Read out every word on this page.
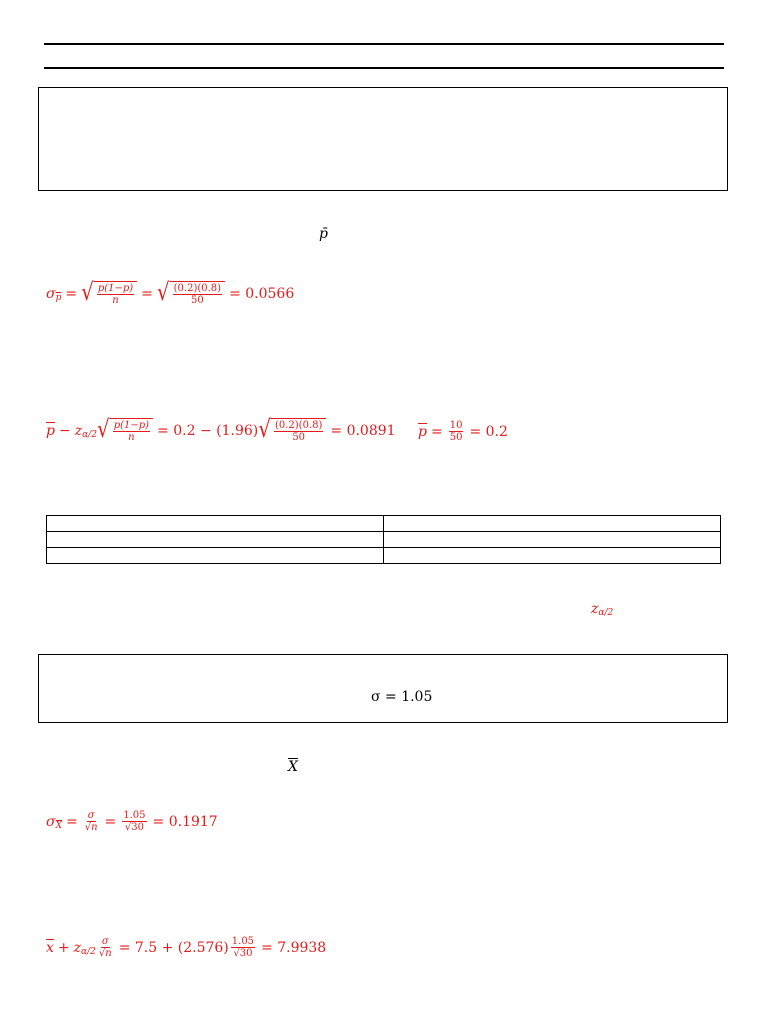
p̄
σ $\overline{p}$ = √ $\frac{p(1-p)}{n}$ = √ $\frac{(0.2)(0.8)}{50} = 0.0566$
$\overline{p} - z$ α/2 √ $\frac{p(1-p)}{n} = 0.2 - (1.96)$ √ $\frac{(0.2)(0.8)}{50} = 0.0891$ $\overline{p} = \frac{10}{50} = 0.2$

z α/2
σ = 1.05
$\overline{X}$
σ $\overline{X} = \frac{\sigma}{√n} = \frac{1.05}{√30} = 0.1917$
$\overline{x} + z$ $\alpha/2 \frac{\sigma}{√n} = 7.5 + (2.576) \frac{1.05}{√30} = 7.9938$
